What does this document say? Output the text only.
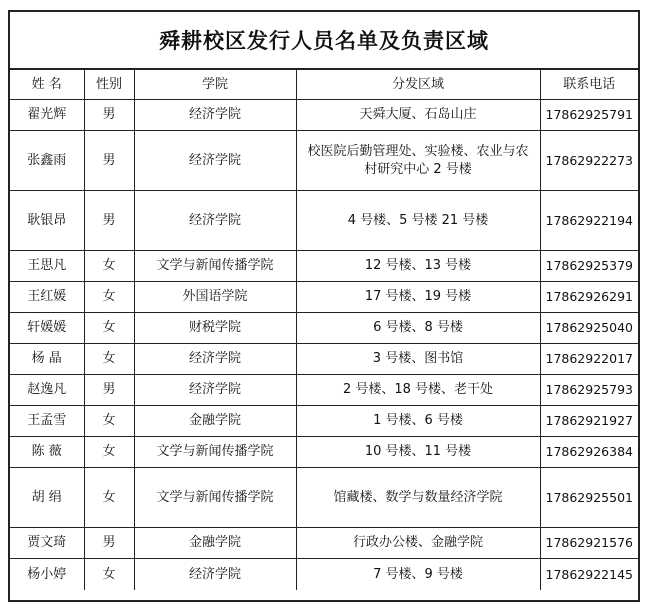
舜耕校区发行人员名单及负责区域
姓 名	性别	学院	分发区域	联系电话
翟光辉	男	经济学院	天舜大厦、石岛山庄	17862925791
张鑫雨	男	经济学院	校医院后勤管理处、实验楼、农业与农村研究中心 2 号楼	17862922273
耿银昂	男	经济学院	4 号楼、5 号楼 21 号楼	17862922194
王思凡	女	文学与新闻传播学院	12 号楼、13 号楼	17862925379
王红媛	女	外国语学院	17 号楼、19 号楼	17862926291
轩媛媛	女	财税学院	6 号楼、8 号楼	17862925040
杨 晶	女	经济学院	3 号楼、图书馆	17862922017
赵逸凡	男	经济学院	2 号楼、18 号楼、老干处	17862925793
王孟雪	女	金融学院	1 号楼、6 号楼	17862921927
陈 薇	女	文学与新闻传播学院	10 号楼、11 号楼	17862926384
胡 绢	女	文学与新闻传播学院	馆藏楼、数学与数量经济学院	17862925501
贾文琦	男	金融学院	行政办公楼、金融学院	17862921576
杨小婷	女	经济学院	7 号楼、9 号楼	17862922145
